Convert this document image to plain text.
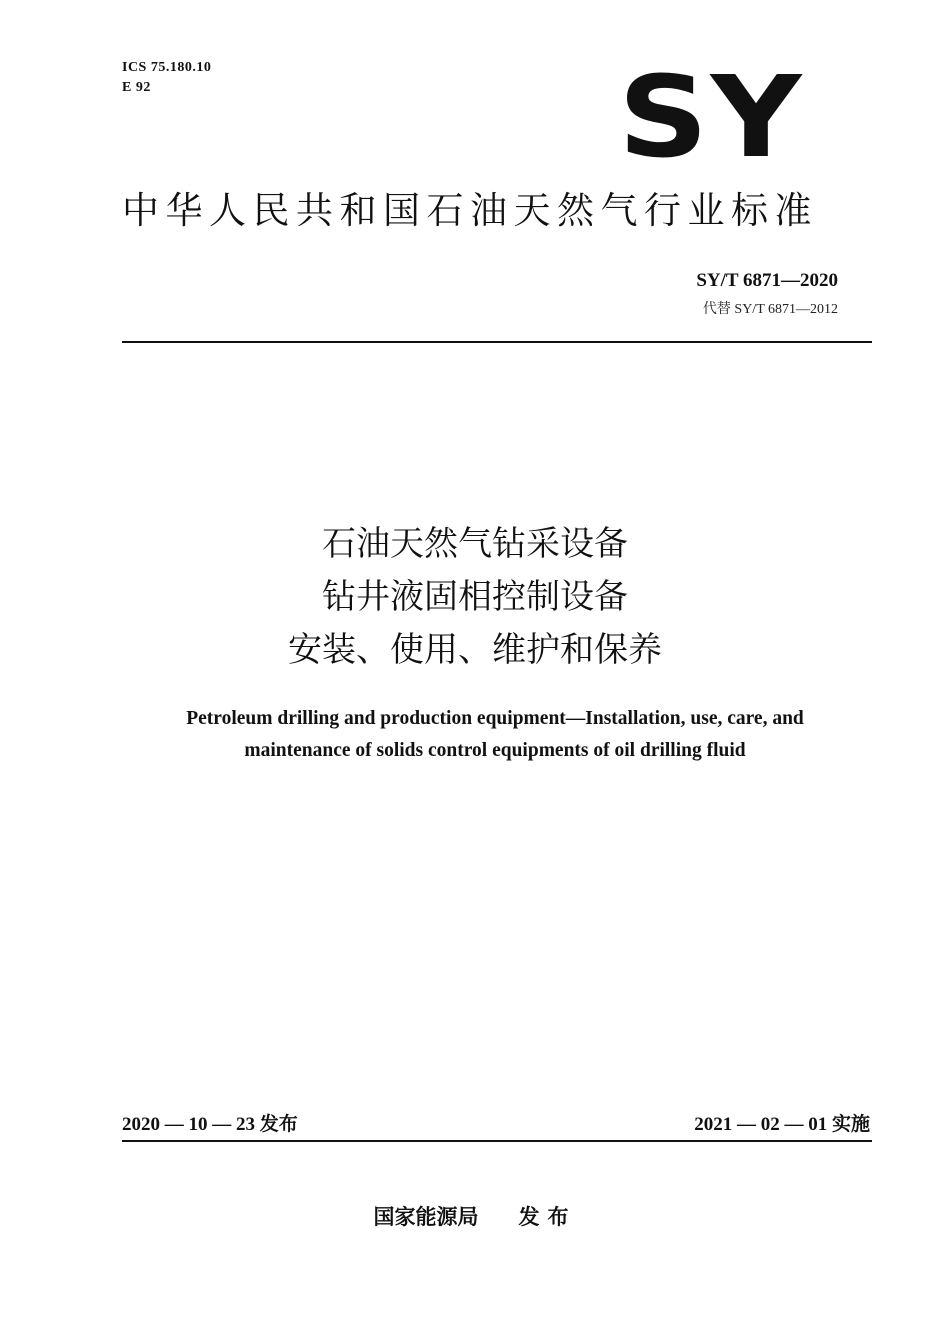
ICS 75.180.10
E 92	SY
中华人民共和国石油天然气行业标准
SY/T 6871—2020
代替 SY/T 6871—2012
石油天然气钻采设备
钻井液固相控制设备
安装、使用、维护和保养
Petroleum drilling and production equipment—Installation, use, care, and
maintenance of solids control equipments of oil drilling fluid
2020 — 10 — 23 发布	2021 — 02 — 01 实施
国家能源局 发布
